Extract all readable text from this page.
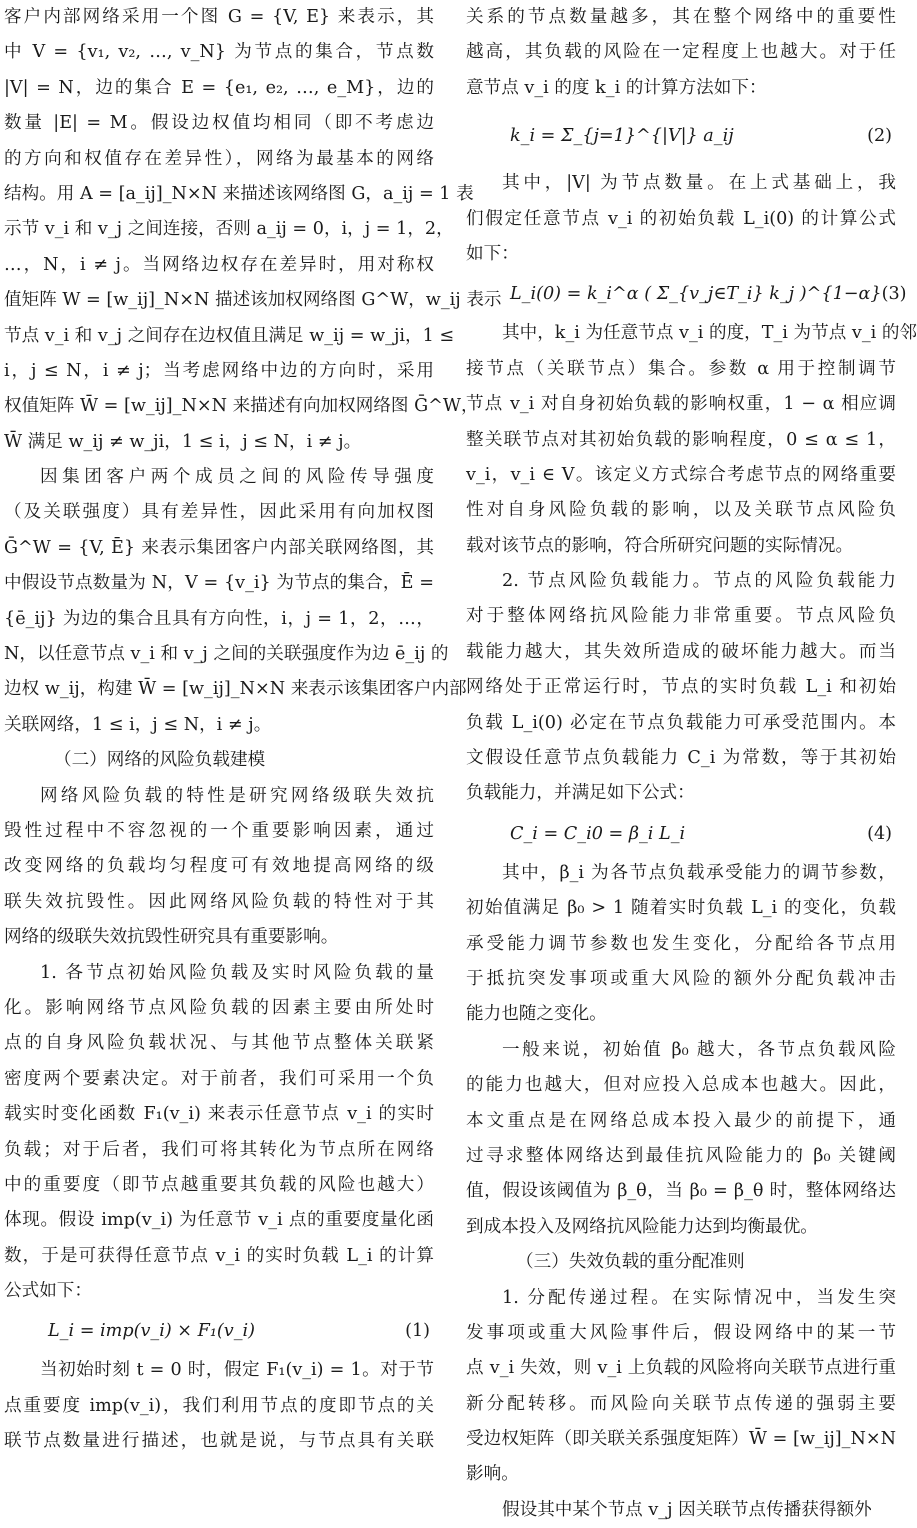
客户内部网络采用一个图 G = {V, E} 来表示，其
中 V = {v₁, v₂, …, v_N} 为节点的集合，节点数
|V| = N，边的集合 E = {e₁, e₂, …, e_M}，边的
数量 |E| = M。假设边权值均相同（即不考虑边
的方向和权值存在差异性），网络为最基本的网络
结构。用 A = [a_ij]_N×N 来描述该网络图 G，a_ij = 1 表
示节 v_i 和 v_j 之间连接，否则 a_ij = 0，i，j = 1，2，
…，N，i ≠ j。当网络边权存在差异时，用对称权
值矩阵 W = [w_ij]_N×N 描述该加权网络图 G^W，w_ij 表示
节点 v_i 和 v_j 之间存在边权值且满足 w_ij = w_ji，1 ≤
i，j ≤ N，i ≠ j；当考虑网络中边的方向时，采用
权值矩阵 W̄ = [w_ij]_N×N 来描述有向加权网络图 Ḡ^W，
W̄ 满足 w_ij ≠ w_ji，1 ≤ i，j ≤ N，i ≠ j。
因集团客户两个成员之间的风险传导强度
（及关联强度）具有差异性，因此采用有向加权图
Ḡ^W = {V, Ē} 来表示集团客户内部关联网络图，其
中假设节点数量为 N，V = {v_i} 为节点的集合，Ē =
{ē_ij} 为边的集合且具有方向性，i，j = 1，2，…，
N，以任意节点 v_i 和 v_j 之间的关联强度作为边 ē_ij 的
边权 w_ij，构建 W̄ = [w_ij]_N×N 来表示该集团客户内部
关联网络，1 ≤ i，j ≤ N，i ≠ j。
（二）网络的风险负载建模
网络风险负载的特性是研究网络级联失效抗
毁性过程中不容忽视的一个重要影响因素，通过
改变网络的负载均匀程度可有效地提高网络的级
联失效抗毁性。因此网络风险负载的特性对于其
网络的级联失效抗毁性研究具有重要影响。
1. 各节点初始风险负载及实时风险负载的量
化。影响网络节点风险负载的因素主要由所处时
点的自身风险负载状况、与其他节点整体关联紧
密度两个要素决定。对于前者，我们可采用一个负
载实时变化函数 F₁(v_i) 来表示任意节点 v_i 的实时
负载；对于后者，我们可将其转化为节点所在网络
中的重要度（即节点越重要其负载的风险也越大）
体现。假设 imp(v_i) 为任意节 v_i 点的重要度量化函
数，于是可获得任意节点 v_i 的实时负载 L_i 的计算
公式如下：
L_i = imp(v_i) × F₁(v_i)	(1)
当初始时刻 t = 0 时，假定 F₁(v_i) = 1。对于节
点重要度 imp(v_i)，我们利用节点的度即节点的关
联节点数量进行描述，也就是说，与节点具有关联
关系的节点数量越多，其在整个网络中的重要性
越高，其负载的风险在一定程度上也越大。对于任
意节点 v_i 的度 k_i 的计算方法如下：
k_i = Σ_{j=1}^{|V|} a_ij	(2)
其中，|V| 为节点数量。在上式基础上，我
们假定任意节点 v_i 的初始负载 L_i(0) 的计算公式
如下：
L_i(0) = k_i^α ( Σ_{v_j∈T_i} k_j )^{1−α} (3)
其中，k_i 为任意节点 v_i 的度，T_i 为节点 v_i 的邻
接节点（关联节点）集合。参数 α 用于控制调节
节点 v_i 对自身初始负载的影响权重，1 − α 相应调
整关联节点对其初始负载的影响程度，0 ≤ α ≤ 1，
v_i，v_i ∈ V。该定义方式综合考虑节点的网络重要
性对自身风险负载的影响，以及关联节点风险负
载对该节点的影响，符合所研究问题的实际情况。
2. 节点风险负载能力。节点的风险负载能力
对于整体网络抗风险能力非常重要。节点风险负
载能力越大，其失效所造成的破坏能力越大。而当
网络处于正常运行时，节点的实时负载 L_i 和初始
负载 L_i(0) 必定在节点负载能力可承受范围内。本
文假设任意节点负载能力 C_i 为常数，等于其初始
负载能力，并满足如下公式：
C_i = C_i0 = β_i L_i	(4)
其中，β_i 为各节点负载承受能力的调节参数，
初始值满足 β₀ > 1 随着实时负载 L_i 的变化，负载
承受能力调节参数也发生变化，分配给各节点用
于抵抗突发事项或重大风险的额外分配负载冲击
能力也随之变化。
一般来说，初始值 β₀ 越大，各节点负载风险
的能力也越大，但对应投入总成本也越大。因此，
本文重点是在网络总成本投入最少的前提下，通
过寻求整体网络达到最佳抗风险能力的 β₀ 关键阈
值，假设该阈值为 β_θ，当 β₀ = β_θ 时，整体网络达
到成本投入及网络抗风险能力达到均衡最优。
（三）失效负载的重分配准则
1. 分配传递过程。在实际情况中，当发生突
发事项或重大风险事件后，假设网络中的某一节
点 v_i 失效，则 v_i 上负载的风险将向关联节点进行重
新分配转移。而风险向关联节点传递的强弱主要
受边权矩阵（即关联关系强度矩阵）W̄ = [w_ij]_N×N
影响。
假设其中某个节点 v_j 因关联节点传播获得额外
